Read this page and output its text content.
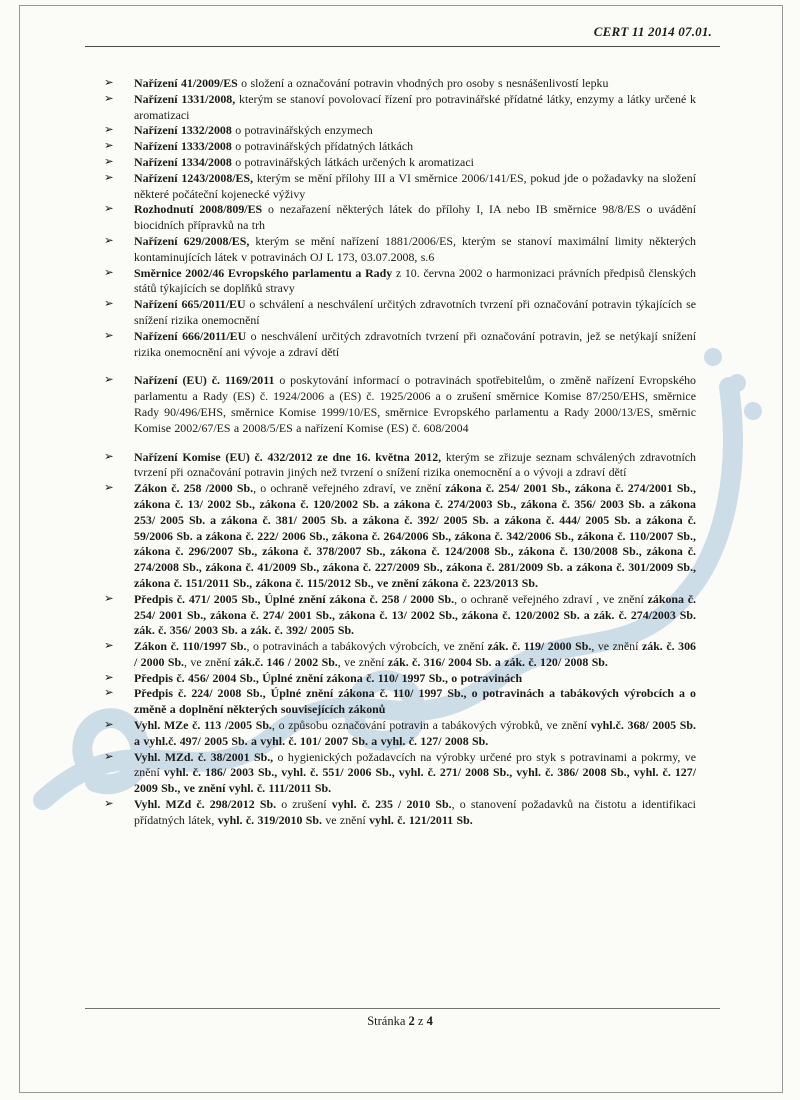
CERT 11 2014 07.01.
➢	Nařízení 41/2009/ES o složení a označování potravin vhodných pro osoby s nesnášenlivostí lepku
➢	Nařízení 1331/2008, kterým se stanoví povolovací řízení pro potravinářské přídatné látky, enzymy a látky určené k aromatizaci
➢	Nařízení 1332/2008 o potravinářských enzymech
➢	Nařízení 1333/2008 o potravinářských přídatných látkách
➢	Nařízení 1334/2008 o potravinářských látkách určených k aromatizaci
➢	Nařízení 1243/2008/ES, kterým se mění přílohy III a VI směrnice 2006/141/ES, pokud jde o požadavky na složení některé počáteční kojenecké výživy
➢	Rozhodnutí 2008/809/ES o nezařazení některých látek do přílohy I, IA nebo IB směrnice 98/8/ES o uvádění biocidních přípravků na trh
➢	Nařízení 629/2008/ES, kterým se mění nařízení 1881/2006/ES, kterým se stanoví maximální limity některých kontaminujících látek v potravinách OJ L 173, 03.07.2008, s.6
➢	Směrnice 2002/46 Evropského parlamentu a Rady z 10. června 2002 o harmonizaci právních předpisů členských států týkajících se doplňků stravy
➢	Nařízení 665/2011/EU o schválení a neschválení určitých zdravotních tvrzení při označování potravin týkajících se snížení rizika onemocnění
➢	Nařízení 666/2011/EU o neschválení určitých zdravotních tvrzení při označování potravin, jež se netýkají snížení rizika onemocnění ani vývoje a zdraví dětí
➢	Nařízení (EU) č. 1169/2011 o poskytování informací o potravinách spotřebitelům, o změně nařízení Evropského parlamentu a Rady (ES) č. 1924/2006 a (ES) č. 1925/2006 a o zrušení směrnice Komise 87/250/EHS, směrnice Rady 90/496/EHS, směrnice Komise 1999/10/ES, směrnice Evropského parlamentu a Rady 2000/13/ES, směrnic Komise 2002/67/ES a 2008/5/ES a nařízení Komise (ES) č. 608/2004
➢	Nařízení Komise (EU) č. 432/2012 ze dne 16. května 2012, kterým se zřizuje seznam schválených zdravotních tvrzení při označování potravin jiných než tvrzení o snížení rizika onemocnění a o vývoji a zdraví dětí
➢	Zákon č. 258 /2000 Sb., o ochraně veřejného zdraví, ve znění zákona č. 254/ 2001 Sb., zákona č. 274/2001 Sb., zákona č. 13/ 2002 Sb., zákona č. 120/2002 Sb. a zákona č. 274/2003 Sb., zákona č. 356/ 2003 Sb. a zákona 253/ 2005 Sb. a zákona č. 381/ 2005 Sb. a zákona č. 392/ 2005 Sb. a zákona č. 444/ 2005 Sb. a zákona č. 59/2006 Sb. a zákona č. 222/ 2006 Sb., zákona č. 264/2006 Sb., zákona č. 342/2006 Sb., zákona č. 110/2007 Sb., zákona č. 296/2007 Sb., zákona č. 378/2007 Sb., zákona č. 124/2008 Sb., zákona č. 130/2008 Sb., zákona č. 274/2008 Sb., zákona č. 41/2009 Sb., zákona č. 227/2009 Sb., zákona č. 281/2009 Sb. a zákona č. 301/2009 Sb., zákona č. 151/2011 Sb., zákona č. 115/2012 Sb., ve znění zákona č. 223/2013 Sb.
➢	Předpis č. 471/ 2005 Sb., Úplné znění zákona č. 258 / 2000 Sb., o ochraně veřejného zdraví , ve znění zákona č. 254/ 2001 Sb., zákona č. 274/ 2001 Sb., zákona č. 13/ 2002 Sb., zákona č. 120/2002 Sb. a zák. č. 274/2003 Sb. zák. č. 356/ 2003 Sb. a zák. č. 392/ 2005 Sb.
➢	Zákon č. 110/1997 Sb., o potravinách a tabákových výrobcích, ve znění zák. č. 119/ 2000 Sb., ve znění zák. č. 306 / 2000 Sb., ve znění zák.č. 146 / 2002 Sb., ve znění zák. č. 316/ 2004 Sb. a zák. č. 120/ 2008 Sb.
➢	Předpis č. 456/ 2004 Sb., Úplné znění zákona č. 110/ 1997 Sb., o potravinách
➢	Předpis č. 224/ 2008 Sb., Úplné znění zákona č. 110/ 1997 Sb., o potravinách a tabákových výrobcích a o změně a doplnění některých souvisejících zákonů
➢	Vyhl. MZe č. 113 /2005 Sb., o způsobu označování potravin a tabákových výrobků, ve znění vyhl.č. 368/ 2005 Sb. a vyhl.č. 497/ 2005 Sb. a vyhl. č. 101/ 2007 Sb. a vyhl. č. 127/ 2008 Sb.
➢	Vyhl. MZd. č. 38/2001 Sb., o hygienických požadavcích na výrobky určené pro styk s potravinami a pokrmy, ve znění vyhl. č. 186/ 2003 Sb., vyhl. č. 551/ 2006 Sb., vyhl. č. 271/ 2008 Sb., vyhl. č. 386/ 2008 Sb., vyhl. č. 127/ 2009 Sb., ve znění vyhl. č. 111/2011 Sb.
➢	Vyhl. MZd č. 298/2012 Sb. o zrušení vyhl. č. 235 / 2010 Sb., o stanovení požadavků na čistotu a identifikaci přídatných látek, vyhl. č. 319/2010 Sb. ve znění vyhl. č. 121/2011 Sb.
Stránka 2 z 4
